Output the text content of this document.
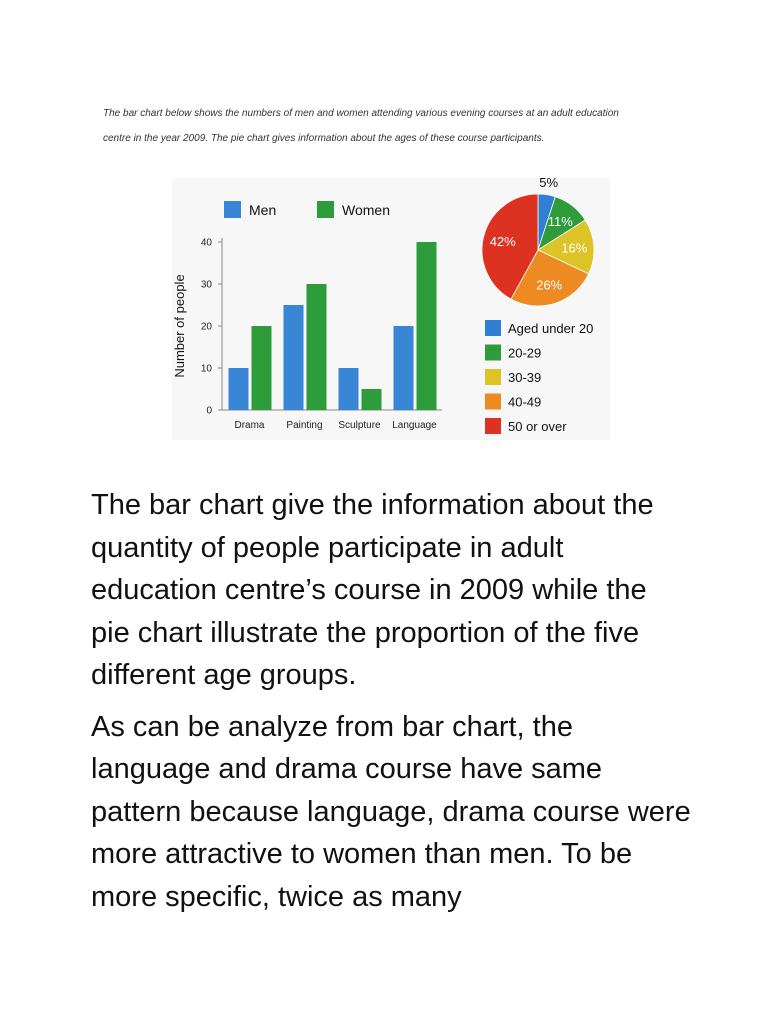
The bar chart below shows the numbers of men and women attending various evening courses at an adult education

centre in the year 2009. The pie chart gives information about the ages of these course participants.

0
10
20
30
40
Number of people
Drama Painting Sculpture Language
Men	Women
5%
11%
16%
26%
42%
Aged under 20
20-29
30-39
40-49
50 or over

The bar chart give the information about the quantity of people participate in adult education centre’s course in 2009 while the pie chart illustrate the proportion of the five different age groups.

As can be analyze from bar chart, the language and drama course have same pattern because language, drama course were more attractive to women than men. To be more specific, twice as many
